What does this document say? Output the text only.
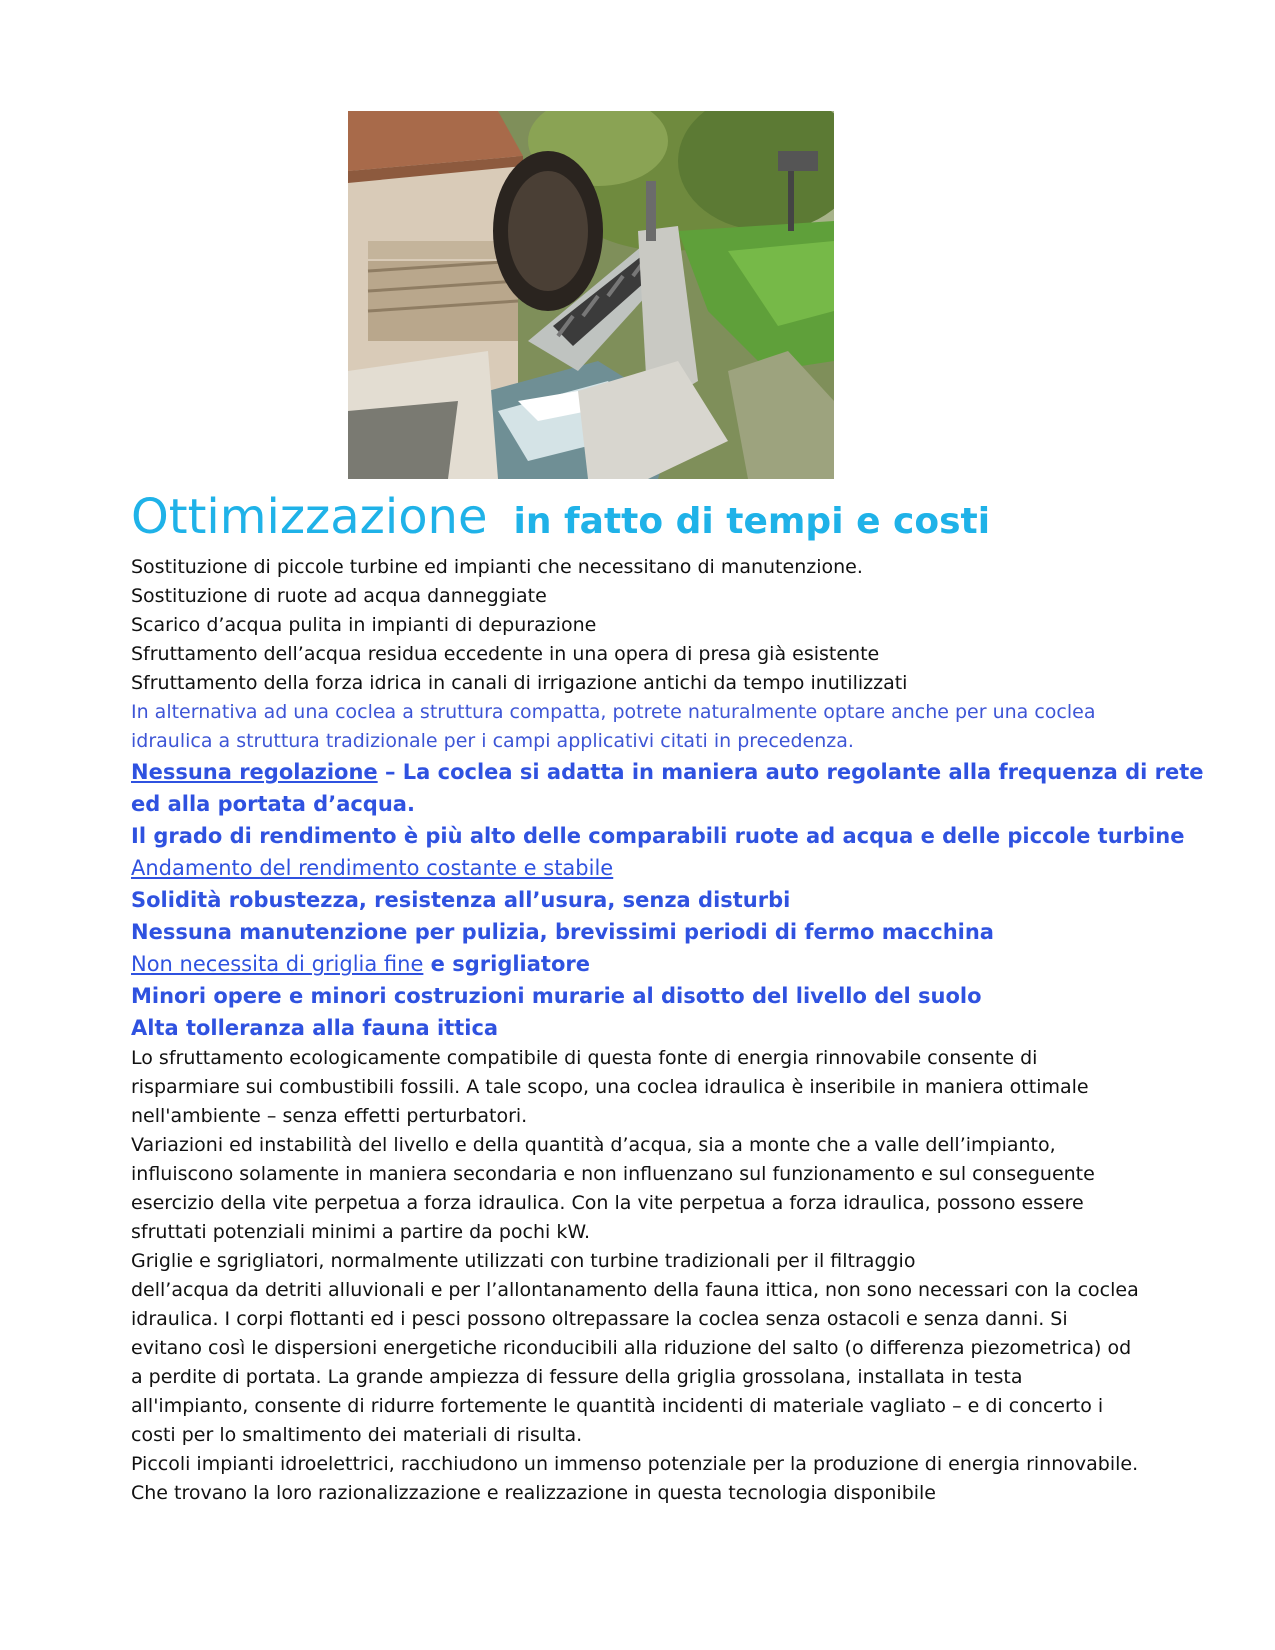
Ottimizzazione in fatto di tempi e costi

Sostituzione di piccole turbine ed impianti che necessitano di manutenzione.

Sostituzione di ruote ad acqua danneggiate

Scarico d’acqua pulita in impianti di depurazione

Sfruttamento dell’acqua residua eccedente in una opera di presa già esistente

Sfruttamento della forza idrica in canali di irrigazione antichi da tempo inutilizzati

In alternativa ad una coclea a struttura compatta, potrete naturalmente optare anche per una coclea

idraulica a struttura tradizionale per i campi applicativi citati in precedenza.

Nessuna regolazione – La coclea si adatta in maniera auto regolante alla frequenza di rete

ed alla portata d’acqua.

Il grado di rendimento è più alto delle comparabili ruote ad acqua e delle piccole turbine

Andamento del rendimento costante e stabile

Solidità robustezza, resistenza all’usura, senza disturbi

Nessuna manutenzione per pulizia, brevissimi periodi di fermo macchina

Non necessita di griglia fine e sgrigliatore

Minori opere e minori costruzioni murarie al disotto del livello del suolo

Alta tolleranza alla fauna ittica

Lo sfruttamento ecologicamente compatibile di questa fonte di energia rinnovabile consente di

risparmiare sui combustibili fossili. A tale scopo, una coclea idraulica è inseribile in maniera ottimale

nell'ambiente – senza effetti perturbatori.

Variazioni ed instabilità del livello e della quantità d’acqua, sia a monte che a valle dell’impianto,

influiscono solamente in maniera secondaria e non influenzano sul funzionamento e sul conseguente

esercizio della vite perpetua a forza idraulica. Con la vite perpetua a forza idraulica, possono essere

sfruttati potenziali minimi a partire da pochi kW.

Griglie e sgrigliatori, normalmente utilizzati con turbine tradizionali per il filtraggio

dell’acqua da detriti alluvionali e per l’allontanamento della fauna ittica, non sono necessari con la coclea

idraulica. I corpi flottanti ed i pesci possono oltrepassare la coclea senza ostacoli e senza danni. Si

evitano così le dispersioni energetiche riconducibili alla riduzione del salto (o differenza piezometrica) od

a perdite di portata. La grande ampiezza di fessure della griglia grossolana, installata in testa

all'impianto, consente di ridurre fortemente le quantità incidenti di materiale vagliato – e di concerto i

costi per lo smaltimento dei materiali di risulta.

Piccoli impianti idroelettrici, racchiudono un immenso potenziale per la produzione di energia rinnovabile.

Che trovano la loro razionalizzazione e realizzazione in questa tecnologia disponibile
